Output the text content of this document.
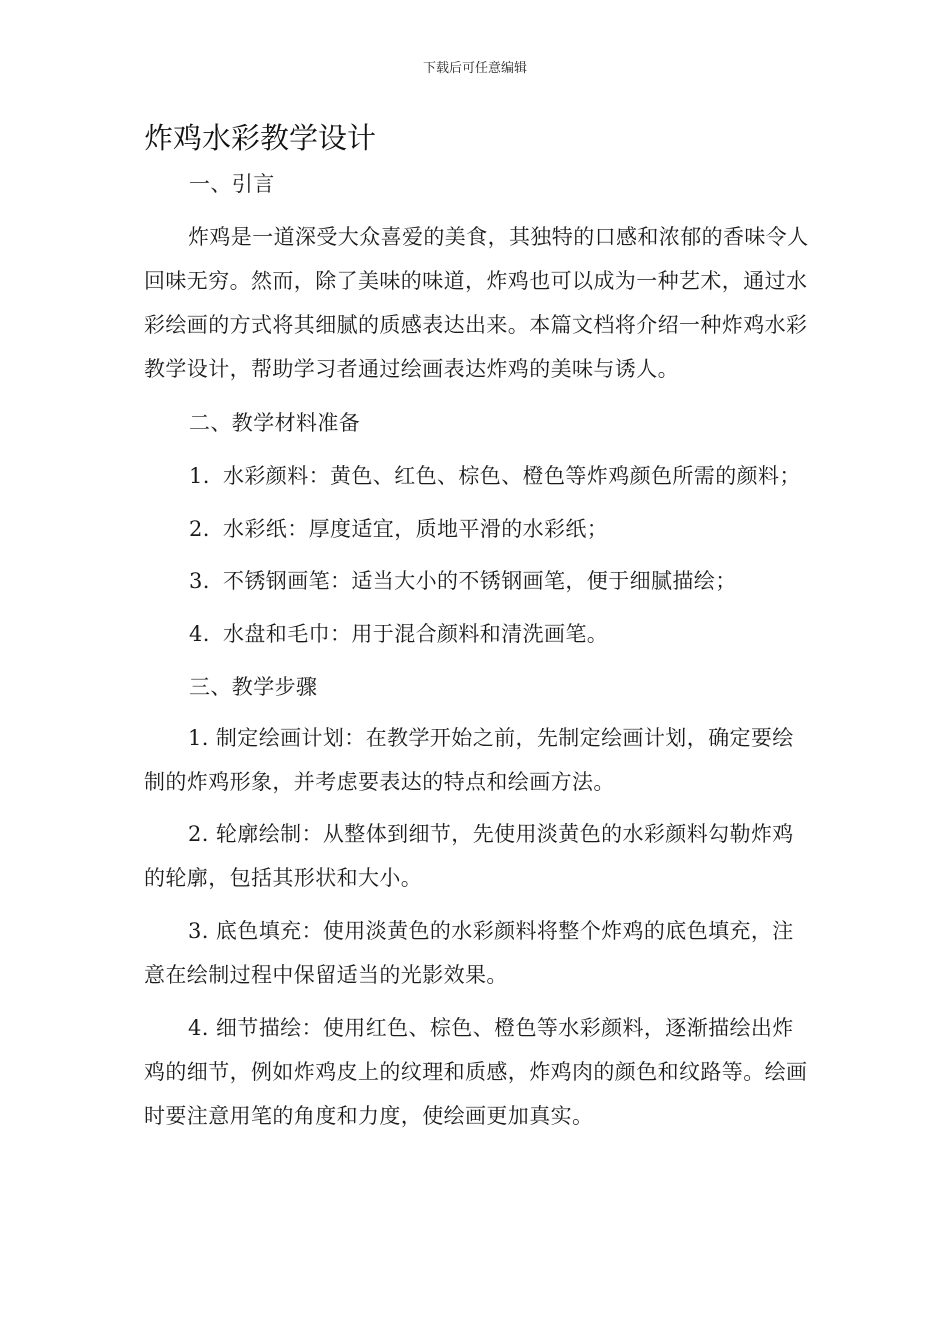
下载后可任意编辑
炸鸡水彩教学设计
一、引言
炸鸡是一道深受大众喜爱的美食，其独特的口感和浓郁的香味令人回味无穷。然而，除了美味的味道，炸鸡也可以成为一种艺术，通过水彩绘画的方式将其细腻的质感表达出来。本篇文档将介绍一种炸鸡水彩教学设计，帮助学习者通过绘画表达炸鸡的美味与诱人。
二、教学材料准备
1. 水彩颜料：黄色、红色、棕色、橙色等炸鸡颜色所需的颜料；
2. 水彩纸：厚度适宜，质地平滑的水彩纸；
3. 不锈钢画笔：适当大小的不锈钢画笔，便于细腻描绘；
4. 水盘和毛巾：用于混合颜料和清洗画笔。
三、教学步骤
1. 制定绘画计划：在教学开始之前，先制定绘画计划，确定要绘制的炸鸡形象，并考虑要表达的特点和绘画方法。
2. 轮廓绘制：从整体到细节，先使用淡黄色的水彩颜料勾勒炸鸡的轮廓，包括其形状和大小。
3. 底色填充：使用淡黄色的水彩颜料将整个炸鸡的底色填充，注意在绘制过程中保留适当的光影效果。
4. 细节描绘：使用红色、棕色、橙色等水彩颜料，逐渐描绘出炸鸡的细节，例如炸鸡皮上的纹理和质感，炸鸡肉的颜色和纹路等。绘画时要注意用笔的角度和力度，使绘画更加真实。
